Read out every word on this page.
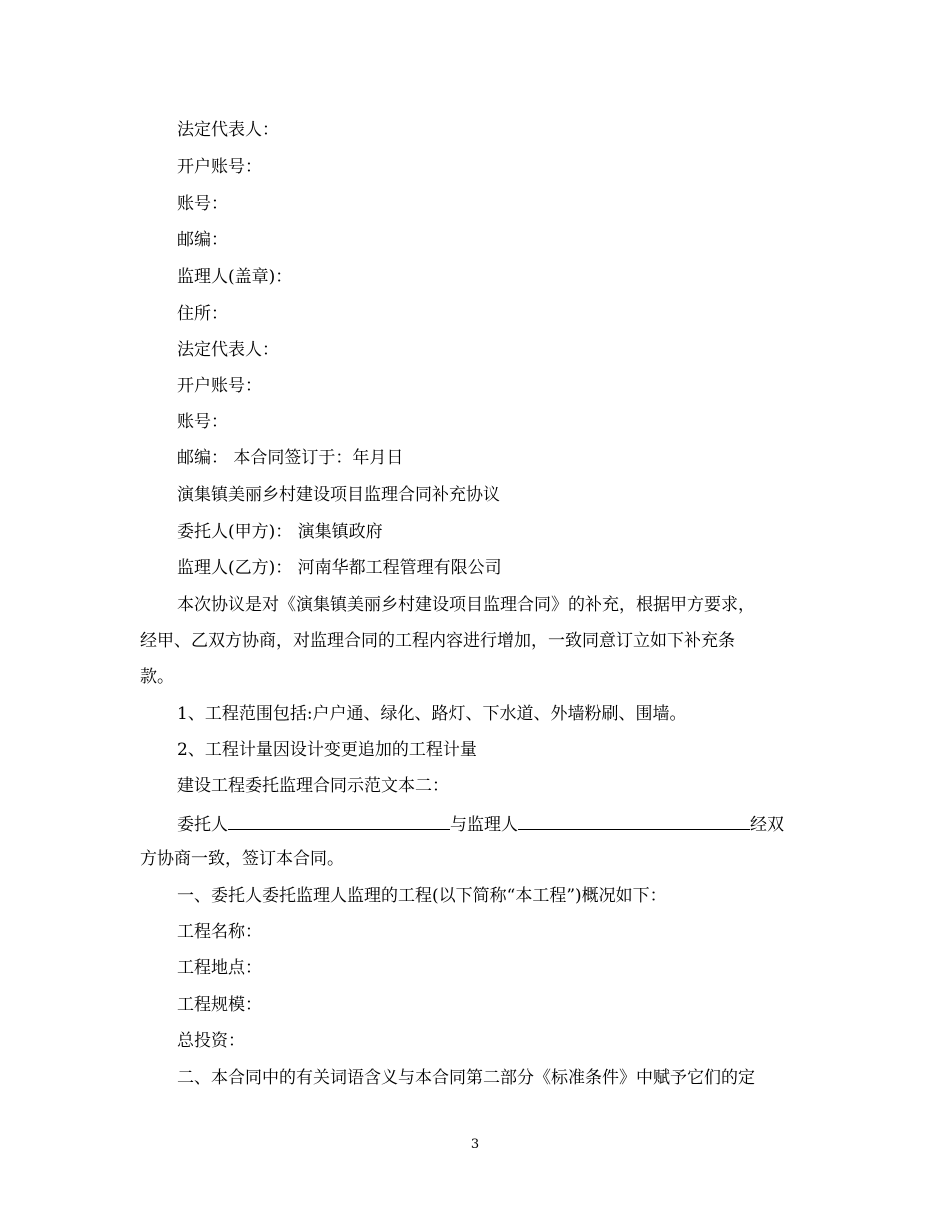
法定代表人：
开户账号：
账号：
邮编：
监理人(盖章)：
住所：
法定代表人：
开户账号：
账号：
邮编： 本合同签订于：年月日
演集镇美丽乡村建设项目监理合同补充协议
委托人(甲方)： 演集镇政府
监理人(乙方)： 河南华都工程管理有限公司
本次协议是对《演集镇美丽乡村建设项目监理合同》的补充，根据甲方要求，
经甲、乙双方协商，对监理合同的工程内容进行增加，一致同意订立如下补充条
款。
1、工程范围包括:户户通、绿化、路灯、下水道、外墙粉刷、围墙。
2、工程计量因设计变更追加的工程计量
建设工程委托监理合同示范文本二：
委托人	与监理人	经双
方协商一致，签订本合同。
一、委托人委托监理人监理的工程(以下简称“本工程”)概况如下：
工程名称：
工程地点：
工程规模：
总投资：
二、本合同中的有关词语含义与本合同第二部分《标准条件》中赋予它们的定
3
